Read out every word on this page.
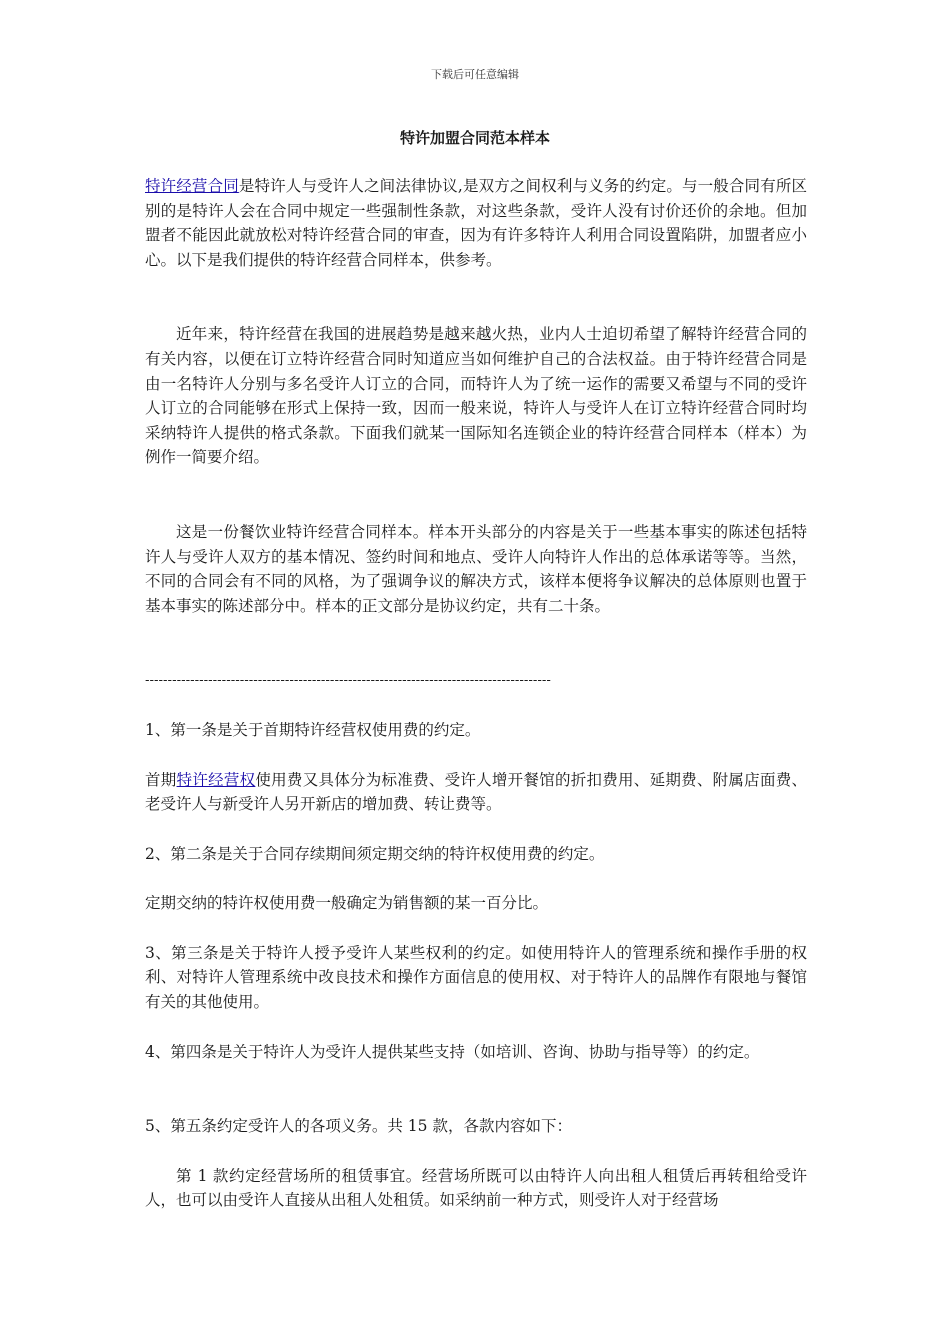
下载后可任意编辑
特许加盟合同范本样本

特许经营合同是特许人与受许人之间法律协议,是双方之间权利与义务的约定。与一般合同有所区别的是特许人会在合同中规定一些强制性条款，对这些条款，受许人没有讨价还价的余地。但加盟者不能因此就放松对特许经营合同的审查，因为有许多特许人利用合同设置陷阱，加盟者应小心。以下是我们提供的特许经营合同样本，供参考。

近年来，特许经营在我国的进展趋势是越来越火热，业内人士迫切希望了解特许经营合同的有关内容，以便在订立特许经营合同时知道应当如何维护自己的合法权益。由于特许经营合同是由一名特许人分别与多名受许人订立的合同，而特许人为了统一运作的需要又希望与不同的受许人订立的合同能够在形式上保持一致，因而一般来说，特许人与受许人在订立特许经营合同时均采纳特许人提供的格式条款。下面我们就某一国际知名连锁企业的特许经营合同样本（样本）为例作一简要介绍。

这是一份餐饮业特许经营合同样本。样本开头部分的内容是关于一些基本事实的陈述包括特许人与受许人双方的基本情况、签约时间和地点、受许人向特许人作出的总体承诺等等。当然，不同的合同会有不同的风格，为了强调争议的解决方式，该样本便将争议解决的总体原则也置于基本事实的陈述部分中。样本的正文部分是协议约定，共有二十条。

------------------------------------------------------------------------------------------

1、第一条是关于首期特许经营权使用费的约定。

首期特许经营权使用费又具体分为标准费、受许人增开餐馆的折扣费用、延期费、附属店面费、老受许人与新受许人另开新店的增加费、转让费等。

2、第二条是关于合同存续期间须定期交纳的特许权使用费的约定。

定期交纳的特许权使用费一般确定为销售额的某一百分比。

3、第三条是关于特许人授予受许人某些权利的约定。如使用特许人的管理系统和操作手册的权利、对特许人管理系统中改良技术和操作方面信息的使用权、对于特许人的品牌作有限地与餐馆有关的其他使用。

4、第四条是关于特许人为受许人提供某些支持（如培训、咨询、协助与指导等）的约定。

5、第五条约定受许人的各项义务。共 15 款，各款内容如下：

第 1 款约定经营场所的租赁事宜。经营场所既可以由特许人向出租人租赁后再转租给受许人，也可以由受许人直接从出租人处租赁。如采纳前一种方式，则受许人对于经营场
